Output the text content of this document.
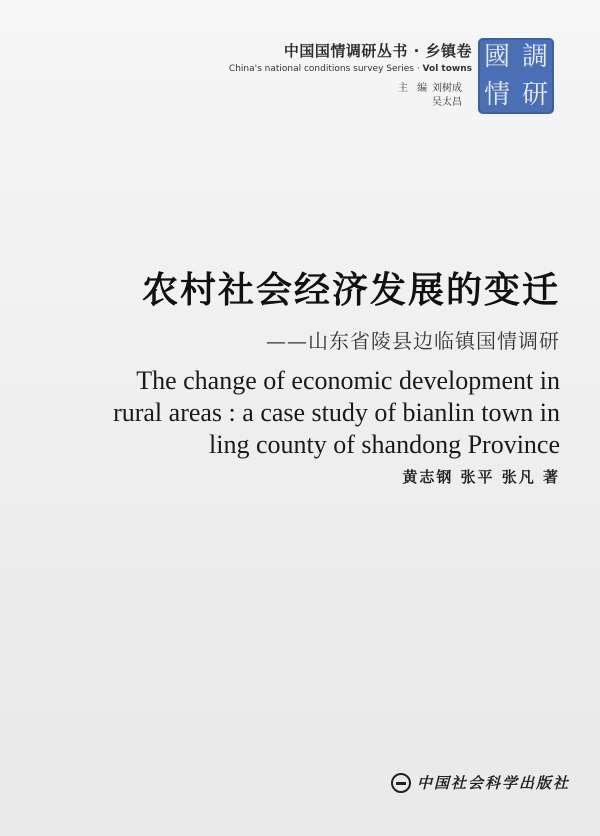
中国国情调研丛书 · 乡镇卷
China's national conditions survey Series · Vol towns
主 编 刘树成
吴太昌
國 調
情 研
农村社会经济发展的变迁
——山东省陵县边临镇国情调研
The change of economic development in
rural areas : a case study of bianlin town in
ling county of shandong Province
黄志钢 张平 张凡 著
中国社会科学出版社
